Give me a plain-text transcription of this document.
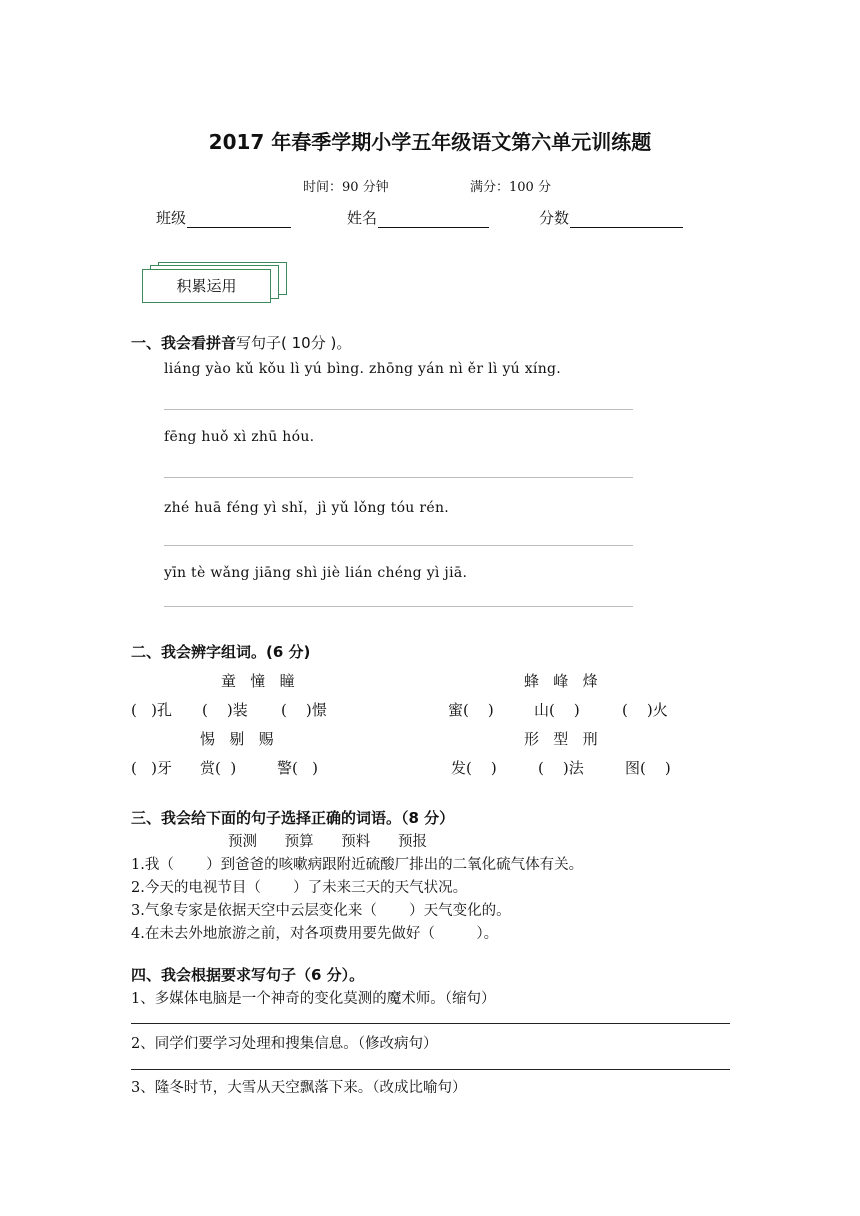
2017 年春季学期小学五年级语文第六单元训练题
时间：90 分钟	满分：100 分
班级	姓名	分数
积累运用
一、我会看拼音写句子( 10分 )。
liáng yào kǔ kǒu lì yú bìng. zhōng yán nì ěr lì yú xíng.
fēng huǒ xì zhū hóu.
zhé huā féng yì shǐ，jì yǔ lǒng tóu rén.
yīn tè wǎng jiāng shì jiè lián chéng yì jiā.
二、我会辨字组词。(6 分)
童   憧   瞳	蜂   峰   烽
(   )孔 (    )装 (    )憬	蜜(    )	山(    )	(    )火
惕   剔   赐	形   型   刑
(   )牙 赏(  )	警(   )	发(    )	(    )法	图(    )
三、我会给下面的句子选择正确的词语。（8 分）
预测      预算      预料      预报
1.我（       ）到爸爸的咳嗽病跟附近硫酸厂排出的二氧化硫气体有关。
2.今天的电视节目（       ）了未来三天的天气状况。
3.气象专家是依据天空中云层变化来（       ）天气变化的。
4.在未去外地旅游之前，对各项费用要先做好（         ）。
四、我会根据要求写句子（6 分）。
1、多媒体电脑是一个神奇的变化莫测的魔术师。（缩句）
2、同学们要学习处理和搜集信息。（修改病句）
3、隆冬时节，大雪从天空飘落下来。（改成比喻句）
